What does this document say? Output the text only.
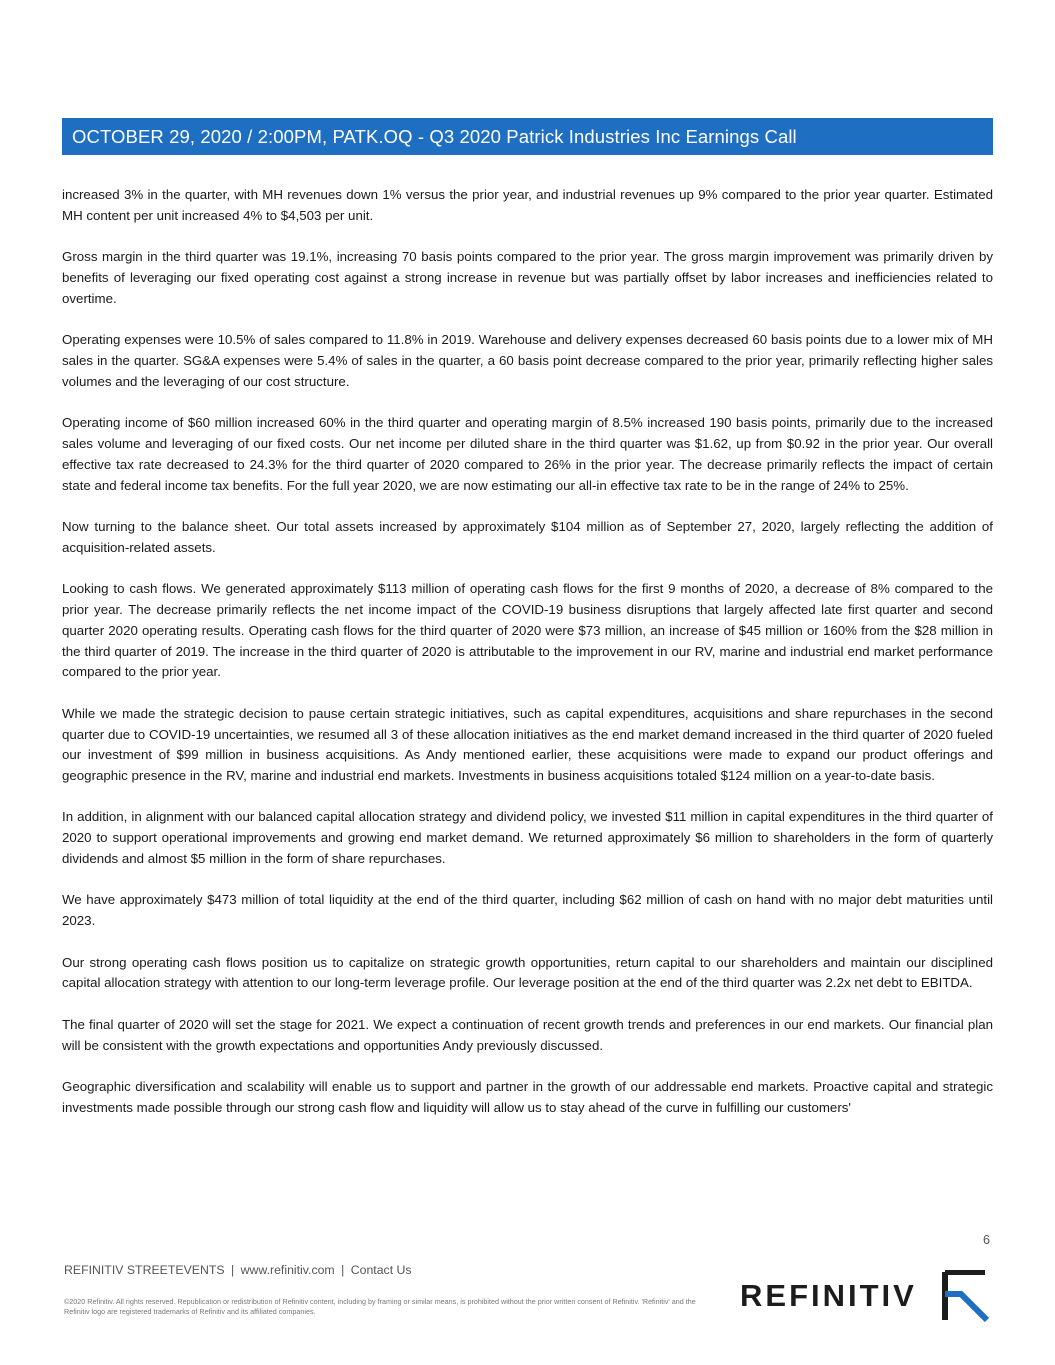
OCTOBER 29, 2020 / 2:00PM, PATK.OQ - Q3 2020 Patrick Industries Inc Earnings Call

increased 3% in the quarter, with MH revenues down 1% versus the prior year, and industrial revenues up 9% compared to the prior year quarter. Estimated MH content per unit increased 4% to $4,503 per unit.

Gross margin in the third quarter was 19.1%, increasing 70 basis points compared to the prior year. The gross margin improvement was primarily driven by benefits of leveraging our fixed operating cost against a strong increase in revenue but was partially offset by labor increases and inefficiencies related to overtime.

Operating expenses were 10.5% of sales compared to 11.8% in 2019. Warehouse and delivery expenses decreased 60 basis points due to a lower mix of MH sales in the quarter. SG&A expenses were 5.4% of sales in the quarter, a 60 basis point decrease compared to the prior year, primarily reflecting higher sales volumes and the leveraging of our cost structure.

Operating income of $60 million increased 60% in the third quarter and operating margin of 8.5% increased 190 basis points, primarily due to the increased sales volume and leveraging of our fixed costs. Our net income per diluted share in the third quarter was $1.62, up from $0.92 in the prior year. Our overall effective tax rate decreased to 24.3% for the third quarter of 2020 compared to 26% in the prior year. The decrease primarily reflects the impact of certain state and federal income tax benefits. For the full year 2020, we are now estimating our all-in effective tax rate to be in the range of 24% to 25%.

Now turning to the balance sheet. Our total assets increased by approximately $104 million as of September 27, 2020, largely reflecting the addition of acquisition-related assets.

Looking to cash flows. We generated approximately $113 million of operating cash flows for the first 9 months of 2020, a decrease of 8% compared to the prior year. The decrease primarily reflects the net income impact of the COVID-19 business disruptions that largely affected late first quarter and second quarter 2020 operating results. Operating cash flows for the third quarter of 2020 were $73 million, an increase of $45 million or 160% from the $28 million in the third quarter of 2019. The increase in the third quarter of 2020 is attributable to the improvement in our RV, marine and industrial end market performance compared to the prior year.

While we made the strategic decision to pause certain strategic initiatives, such as capital expenditures, acquisitions and share repurchases in the second quarter due to COVID-19 uncertainties, we resumed all 3 of these allocation initiatives as the end market demand increased in the third quarter of 2020 fueled our investment of $99 million in business acquisitions. As Andy mentioned earlier, these acquisitions were made to expand our product offerings and geographic presence in the RV, marine and industrial end markets. Investments in business acquisitions totaled $124 million on a year-to-date basis.

In addition, in alignment with our balanced capital allocation strategy and dividend policy, we invested $11 million in capital expenditures in the third quarter of 2020 to support operational improvements and growing end market demand. We returned approximately $6 million to shareholders in the form of quarterly dividends and almost $5 million in the form of share repurchases.

We have approximately $473 million of total liquidity at the end of the third quarter, including $62 million of cash on hand with no major debt maturities until 2023.

Our strong operating cash flows position us to capitalize on strategic growth opportunities, return capital to our shareholders and maintain our disciplined capital allocation strategy with attention to our long-term leverage profile. Our leverage position at the end of the third quarter was 2.2x net debt to EBITDA.

The final quarter of 2020 will set the stage for 2021. We expect a continuation of recent growth trends and preferences in our end markets. Our financial plan will be consistent with the growth expectations and opportunities Andy previously discussed.

Geographic diversification and scalability will enable us to support and partner in the growth of our addressable end markets. Proactive capital and strategic investments made possible through our strong cash flow and liquidity will allow us to stay ahead of the curve in fulfilling our customers'

6
REFINITIV STREETEVENTS | www.refinitiv.com | Contact Us
©2020 Refinitiv. All rights reserved. Republication or redistribution of Refinitiv content, including by framing or similar means, is prohibited without the prior written consent of Refinitiv. 'Refinitiv' and the Refinitiv logo are registered trademarks of Refinitiv and its affiliated companies.	REFINITIV
